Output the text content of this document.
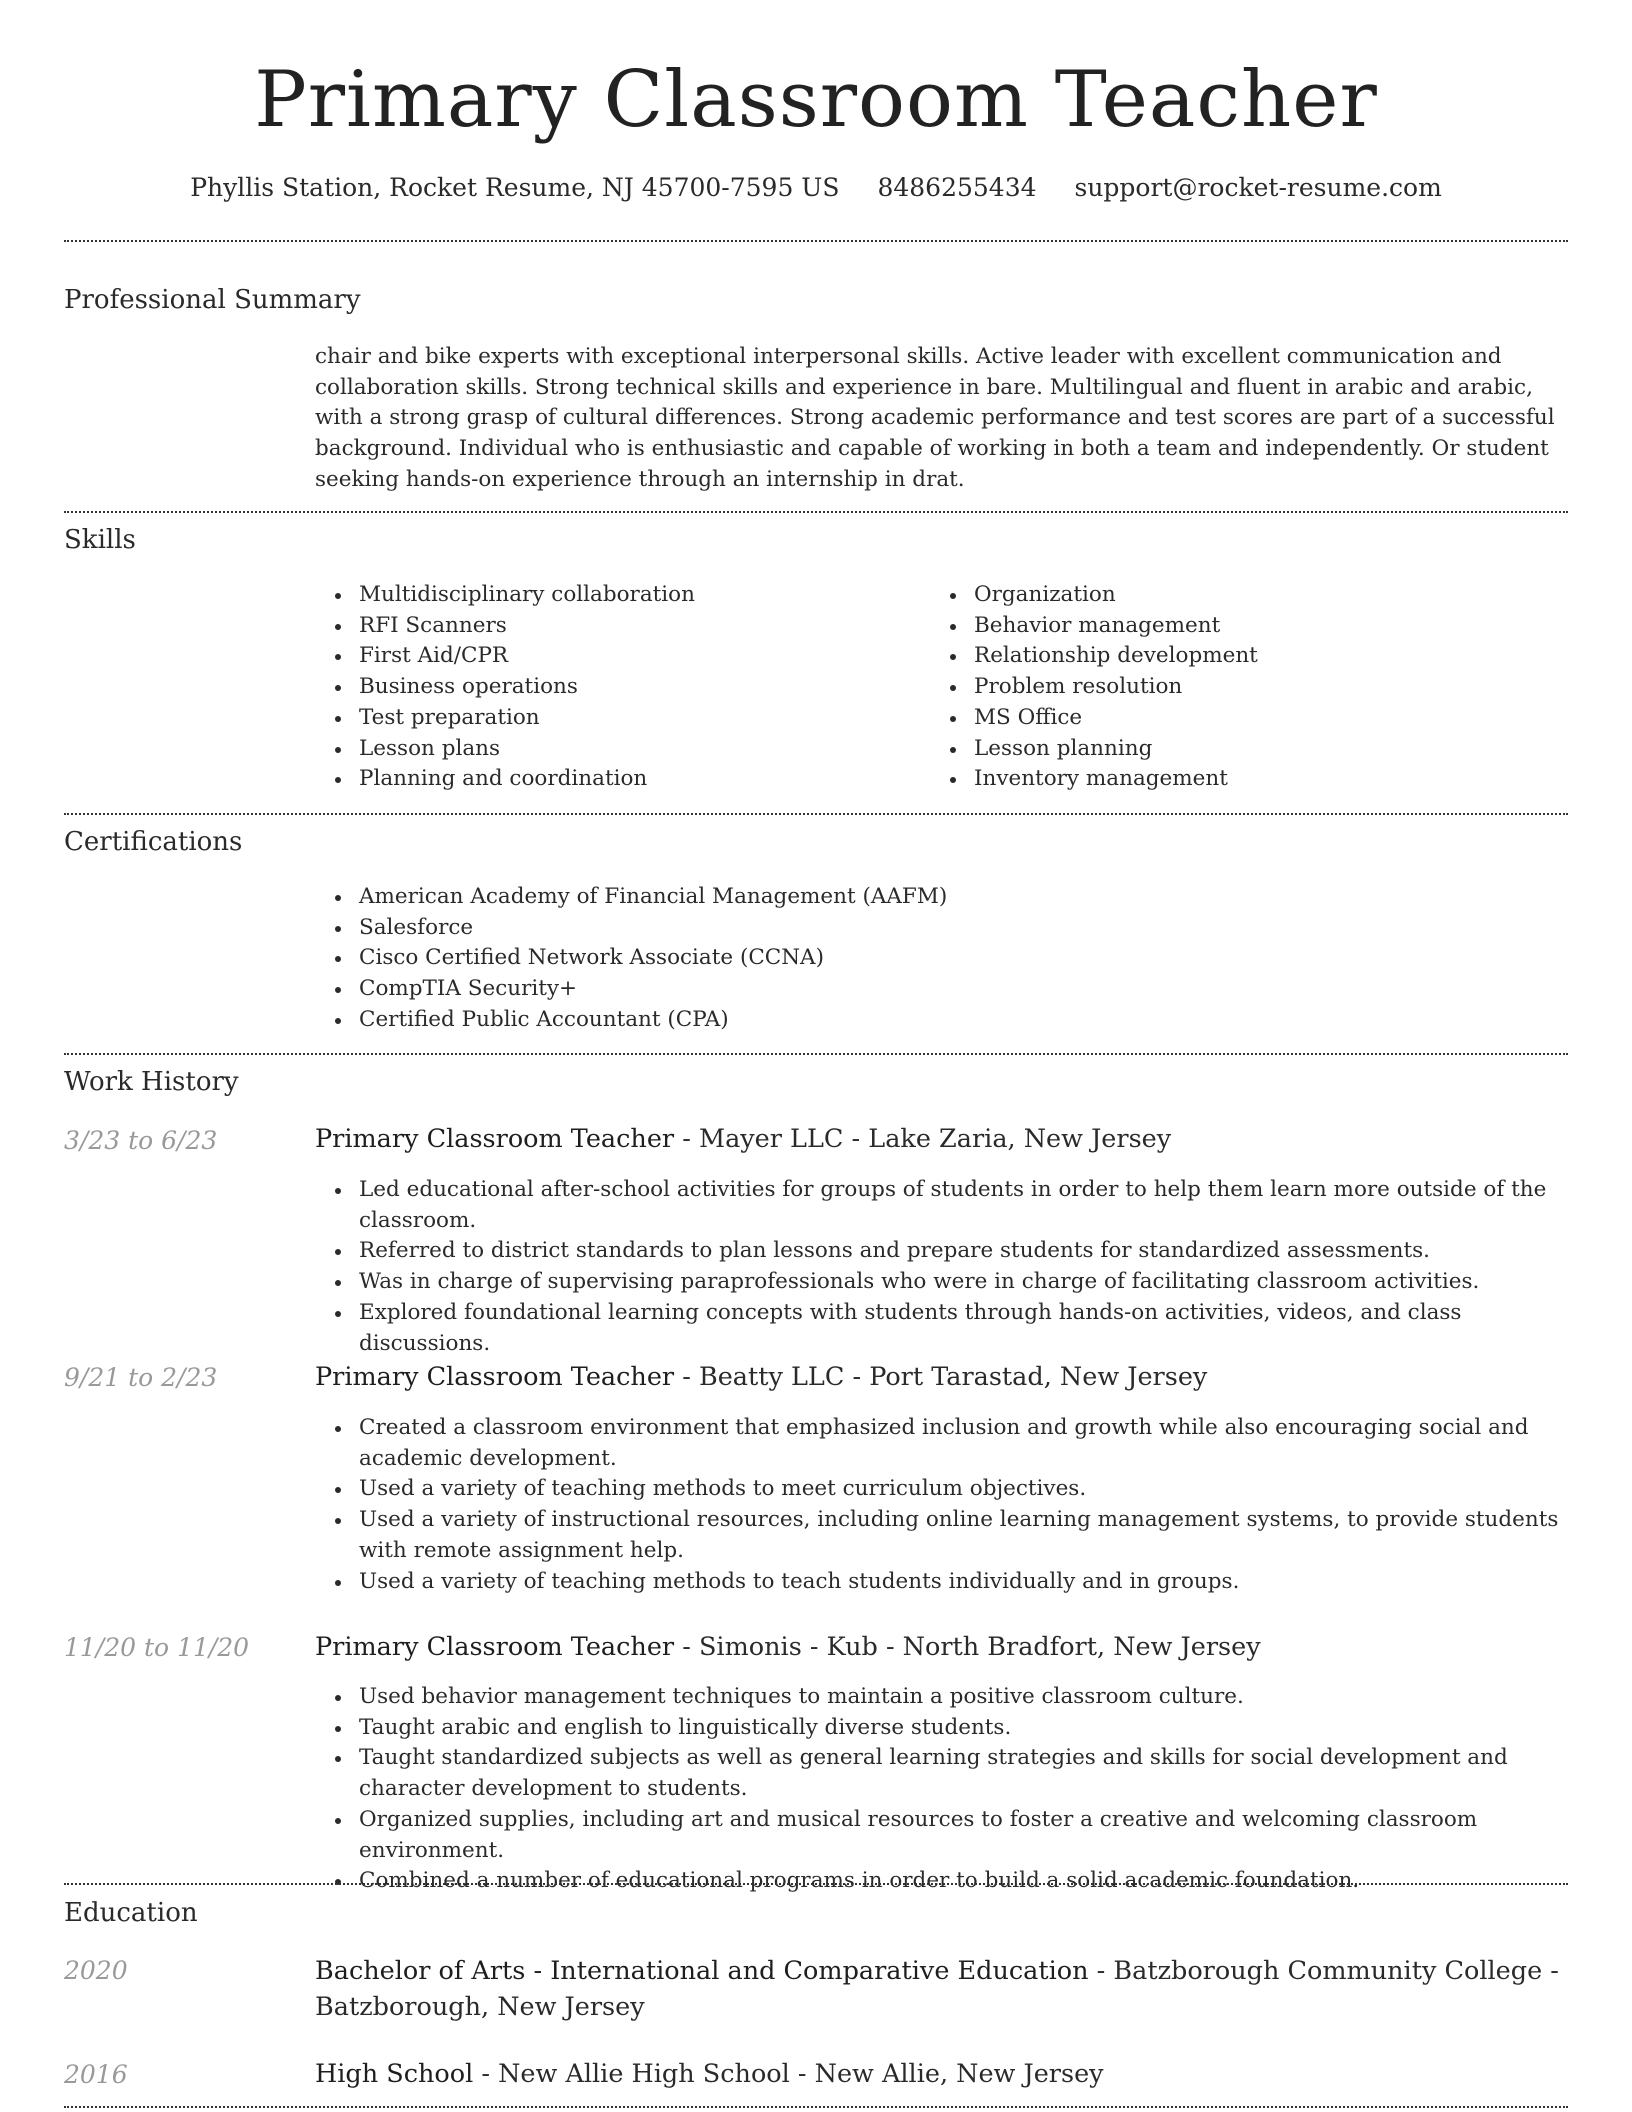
Primary Classroom Teacher
Phyllis Station, Rocket Resume, NJ 45700-7595 US 8486255434 support@rocket-resume.com
Professional Summary

chair and bike experts with exceptional interpersonal skills. Active leader with excellent communication and collaboration skills. Strong technical skills and experience in bare. Multilingual and fluent in arabic and arabic, with a strong grasp of cultural differences. Strong academic performance and test scores are part of a successful background. Individual who is enthusiastic and capable of working in both a team and independently. Or student seeking hands-on experience through an internship in drat.

Skills
Multidisciplinary collaboration
RFI Scanners
First Aid/CPR
Business operations
Test preparation
Lesson plans
Planning and coordination
Organization
Behavior management
Relationship development
Problem resolution
MS Office
Lesson planning
Inventory management
Certifications
American Academy of Financial Management (AAFM)
Salesforce
Cisco Certified Network Associate (CCNA)
CompTIA Security+
Certified Public Accountant (CPA)
Work History
3/23 to 6/23	Primary Classroom Teacher - Mayer LLC - Lake Zaria, New Jersey
Led educational after-school activities for groups of students in order to help them learn more outside of the classroom.
Referred to district standards to plan lessons and prepare students for standardized assessments.
Was in charge of supervising paraprofessionals who were in charge of facilitating classroom activities.
Explored foundational learning concepts with students through hands-on activities, videos, and class discussions.
9/21 to 2/23	Primary Classroom Teacher - Beatty LLC - Port Tarastad, New Jersey
Created a classroom environment that emphasized inclusion and growth while also encouraging social and academic development.
Used a variety of teaching methods to meet curriculum objectives.
Used a variety of instructional resources, including online learning management systems, to provide students with remote assignment help.
Used a variety of teaching methods to teach students individually and in groups.
11/20 to 11/20	Primary Classroom Teacher - Simonis - Kub - North Bradfort, New Jersey
Used behavior management techniques to maintain a positive classroom culture.
Taught arabic and english to linguistically diverse students.
Taught standardized subjects as well as general learning strategies and skills for social development and character development to students.
Organized supplies, including art and musical resources to foster a creative and welcoming classroom environment.
Combined a number of educational programs in order to build a solid academic foundation.
Education
2020	Bachelor of Arts - International and Comparative Education - Batzborough Community College - Batzborough, New Jersey
2016	High School - New Allie High School - New Allie, New Jersey
